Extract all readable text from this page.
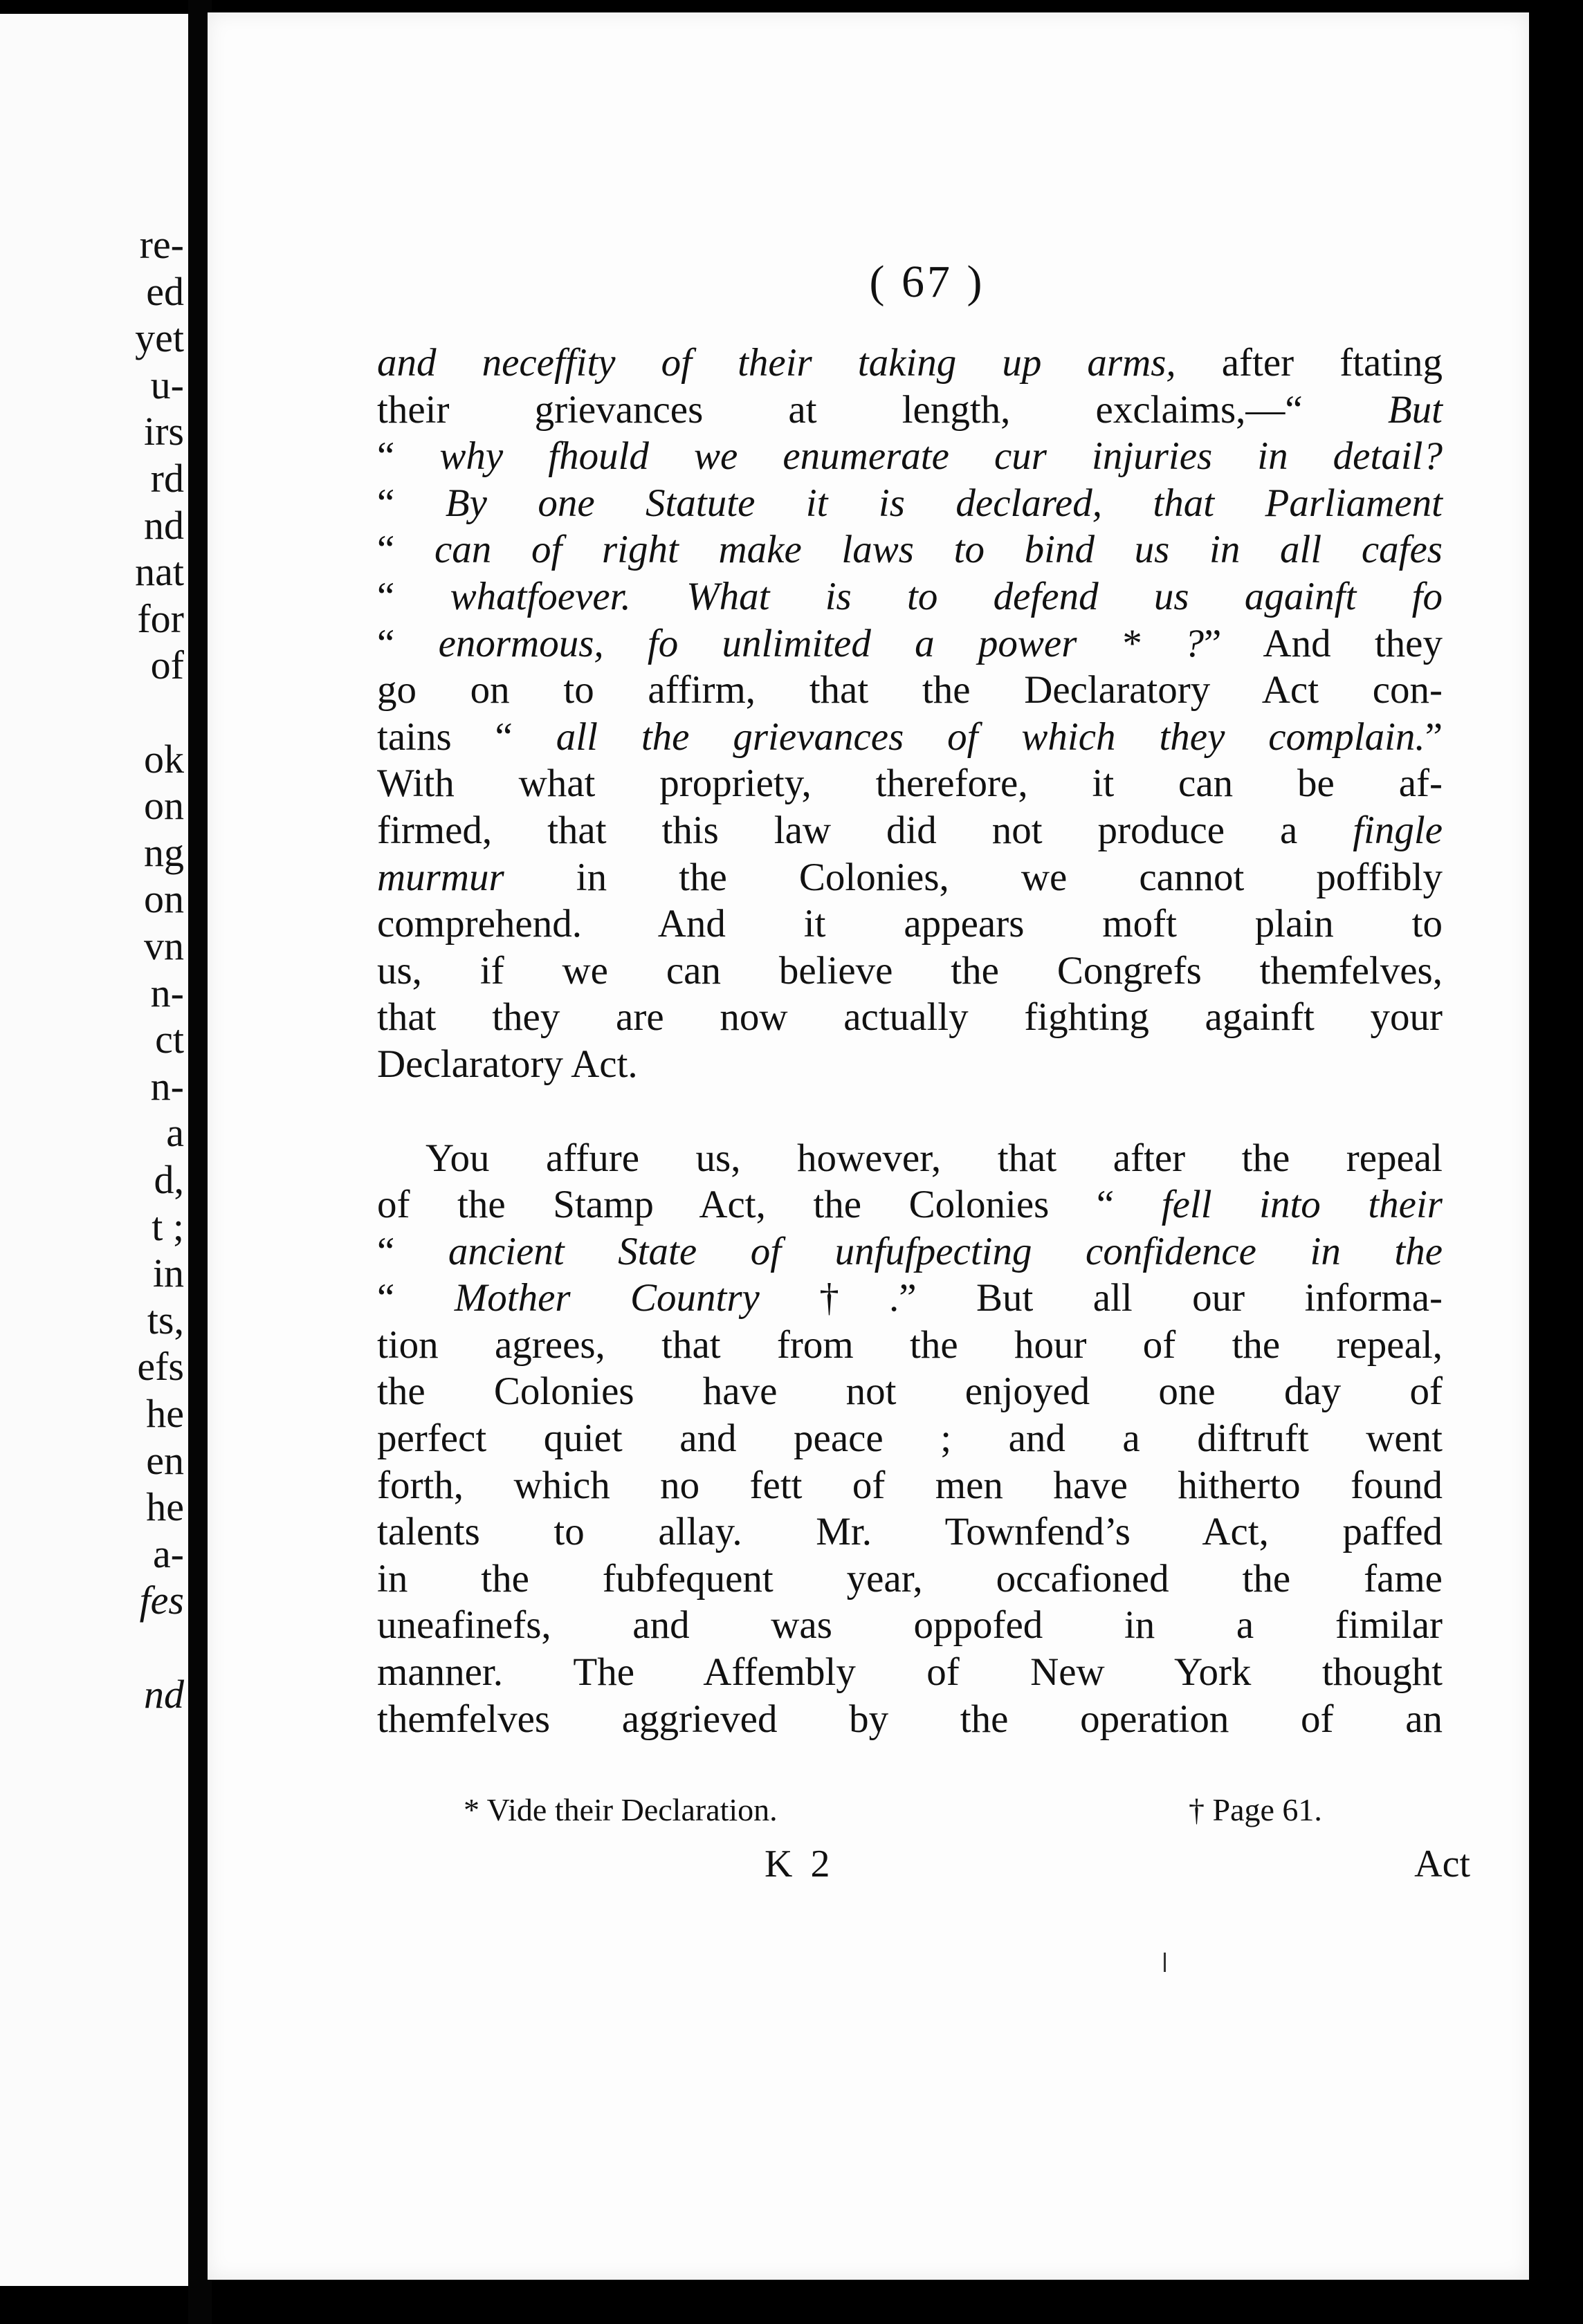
re-
ed
yet
u-
irs
rd
nd
nat
for
of
ok
on
ng
on
vn
n-
ct
n-
a
d,
t ;
in
ts,
efs
he
en
he
a-
fes
nd
( 67 )
and neceffity of their taking up arms, after ftating
their grievances at length, exclaims,—“ But
“ why fhould we enumerate cur injuries in detail?
“ By one Statute it is declared, that Parliament
“ can of right make laws to bind us in all cafes
“ whatfoever. What is to defend us againft fo
“ enormous, fo unlimited a power * ?” And they
go on to affirm, that the Declaratory Act con-
tains “ all the grievances of which they complain.”
With what propriety, therefore, it can be af-
firmed, that this law did not produce a fingle
murmur in the Colonies, we cannot poffibly
comprehend. And it appears moft plain to
us, if we can believe the Congrefs themfelves,
that they are now actually fighting againft your
Declaratory Act.
You affure us, however, that after the repeal
of the Stamp Act, the Colonies “ fell into their
“ ancient State of unfufpecting confidence in the
“ Mother Country †.” But all our informa-
tion agrees, that from the hour of the repeal,
the Colonies have not enjoyed one day of
perfect quiet and peace ; and a diftruft went
forth, which no fett of men have hitherto found
talents to allay. Mr. Townfend’s Act, paffed
in the fubfequent year, occafioned the fame
uneafinefs, and was oppofed in a fimilar
manner. The Affembly of New York thought
themfelves aggrieved by the operation of an
* Vide their Declaration.	† Page 61.
K 2	Act
